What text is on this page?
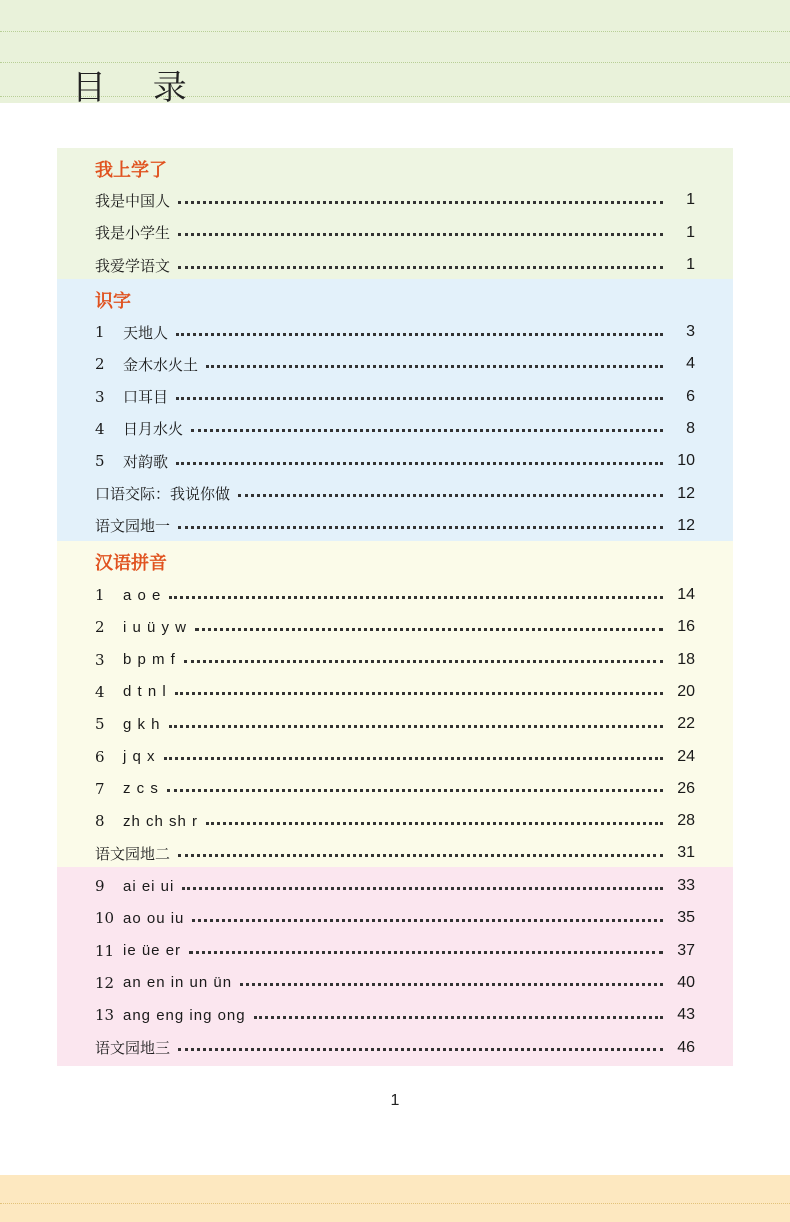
目 录
我上学了
我是中国人	1
我是小学生	1
我爱学语文	1
识字
1	天地人	3
2	金木水火土	4
3	口耳目	6
4	日月水火	8
5	对韵歌	10
口语交际：我说你做	12
语文园地一	12
汉语拼音
1	a o e	14
2	i u ü y w	16
3	b p m f	18
4	d t n l	20
5	g k h	22
6	j q x	24
7	z c s	26
8	zh ch sh r	28
语文园地二	31
9	ai ei ui	33
10 ao ou iu	35
11 ie üe er	37
12 an en in un ün	40
13 ang eng ing ong	43
语文园地三	46
1
